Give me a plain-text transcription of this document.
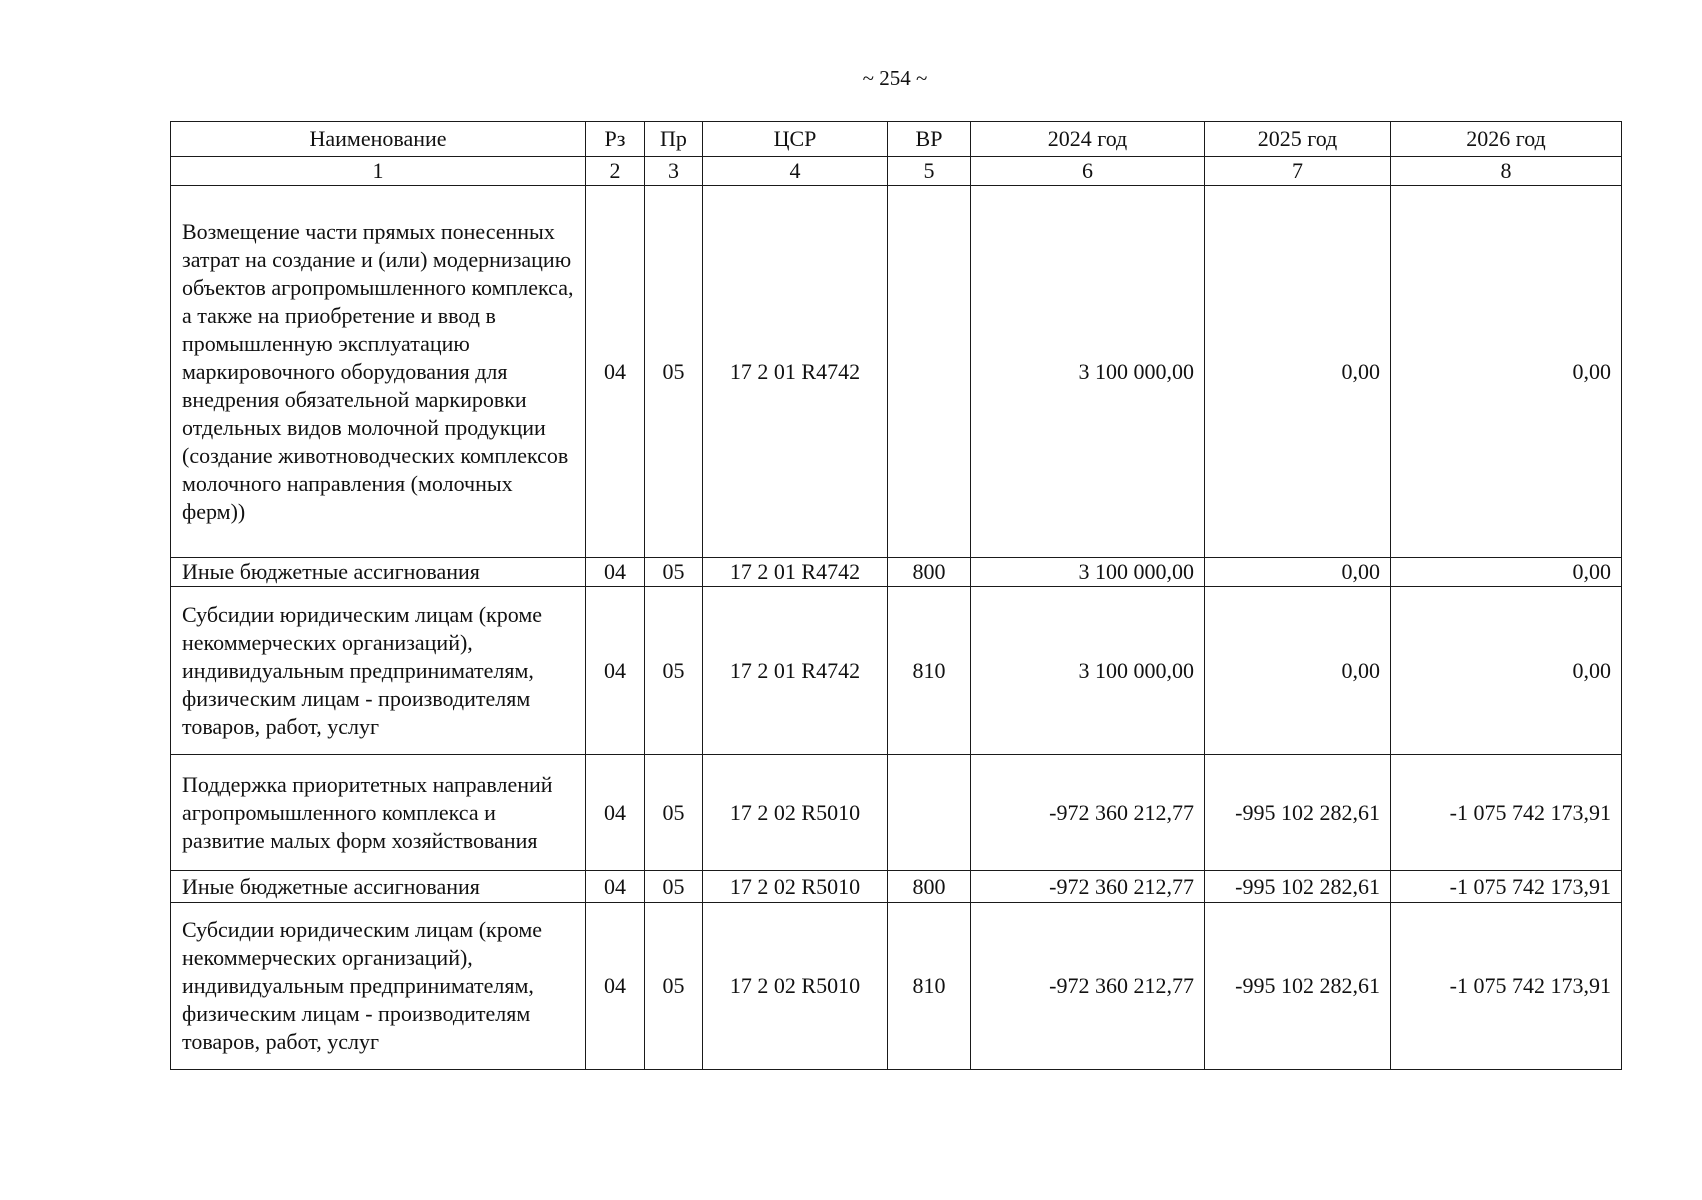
~ 254 ~
Наименование	Рз	Пр	ЦСР	ВР	2024 год	2025 год	2026 год
1	2	3	4	5	6	7	8
Возмещение части прямых понесенных затрат на создание и (или) модернизацию объектов агропромышленного комплекса, а также на приобретение и ввод в промышленную эксплуатацию маркировочного оборудования для внедрения обязательной маркировки отдельных видов молочной продукции (создание животноводческих комплексов молочного направления (молочных ферм))	04	05	17 2 01 R4742		3 100 000,00	0,00	0,00
Иные бюджетные ассигнования	04	05	17 2 01 R4742	800	3 100 000,00	0,00	0,00
Субсидии юридическим лицам (кроме некоммерческих организаций), индивидуальным предпринимателям, физическим лицам - производителям товаров, работ, услуг	04	05	17 2 01 R4742	810	3 100 000,00	0,00	0,00
Поддержка приоритетных направлений агропромышленного комплекса и развитие малых форм хозяйствования	04	05	17 2 02 R5010		-972 360 212,77	-995 102 282,61	-1 075 742 173,91
Иные бюджетные ассигнования	04	05	17 2 02 R5010	800	-972 360 212,77	-995 102 282,61	-1 075 742 173,91
Субсидии юридическим лицам (кроме некоммерческих организаций), индивидуальным предпринимателям, физическим лицам - производителям товаров, работ, услуг	04	05	17 2 02 R5010	810	-972 360 212,77	-995 102 282,61	-1 075 742 173,91
